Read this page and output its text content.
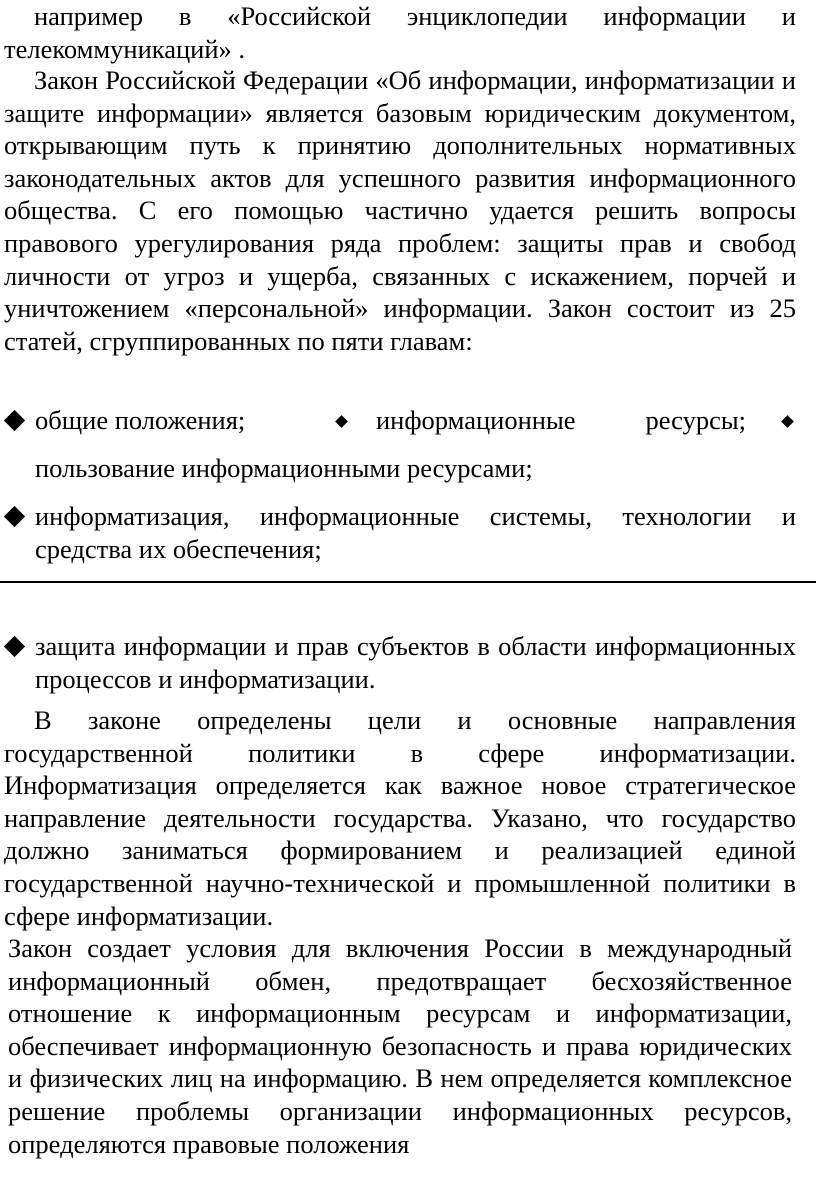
например в «Российской энциклопедии информации и телекоммуникаций» .
Закон Российской Федерации «Об информации, информатизации и защите информации» является базовым юридическим документом, открывающим путь к принятию дополнительных нормативных законодательных актов для успешного развития информационного общества. С его помощью частично удается решить вопросы правового урегулирования ряда проблем: защиты прав и свобод личности от угроз и ущерба, связанных с искажением, порчей и уничтожением «персональной» информации. Закон состоит из 25 статей, сгруппированных по пяти главам:
общие положения;	информационные ресурсы;
пользование информационными ресурсами;
информатизация, информационные системы, технологии и средства их обеспечения;
защита информации и прав субъектов в области информационных процессов и информатизации.
В законе определены цели и основные направления государственной политики в сфере информатизации. Информатизация определяется как важное новое стратегическое направление деятельности государства. Указано, что государство должно заниматься формированием и реализацией единой государственной научно-технической и промышленной политики в сфере информатизации.
Закон создает условия для включения России в международный информационный обмен, предотвращает бесхозяйственное отношение к информационным ресурсам и информатизации, обеспечивает информационную безопасность и права юридических и физических лиц на информацию. В нем определяется комплексное решение проблемы организации информационных ресурсов, определяются правовые положения
